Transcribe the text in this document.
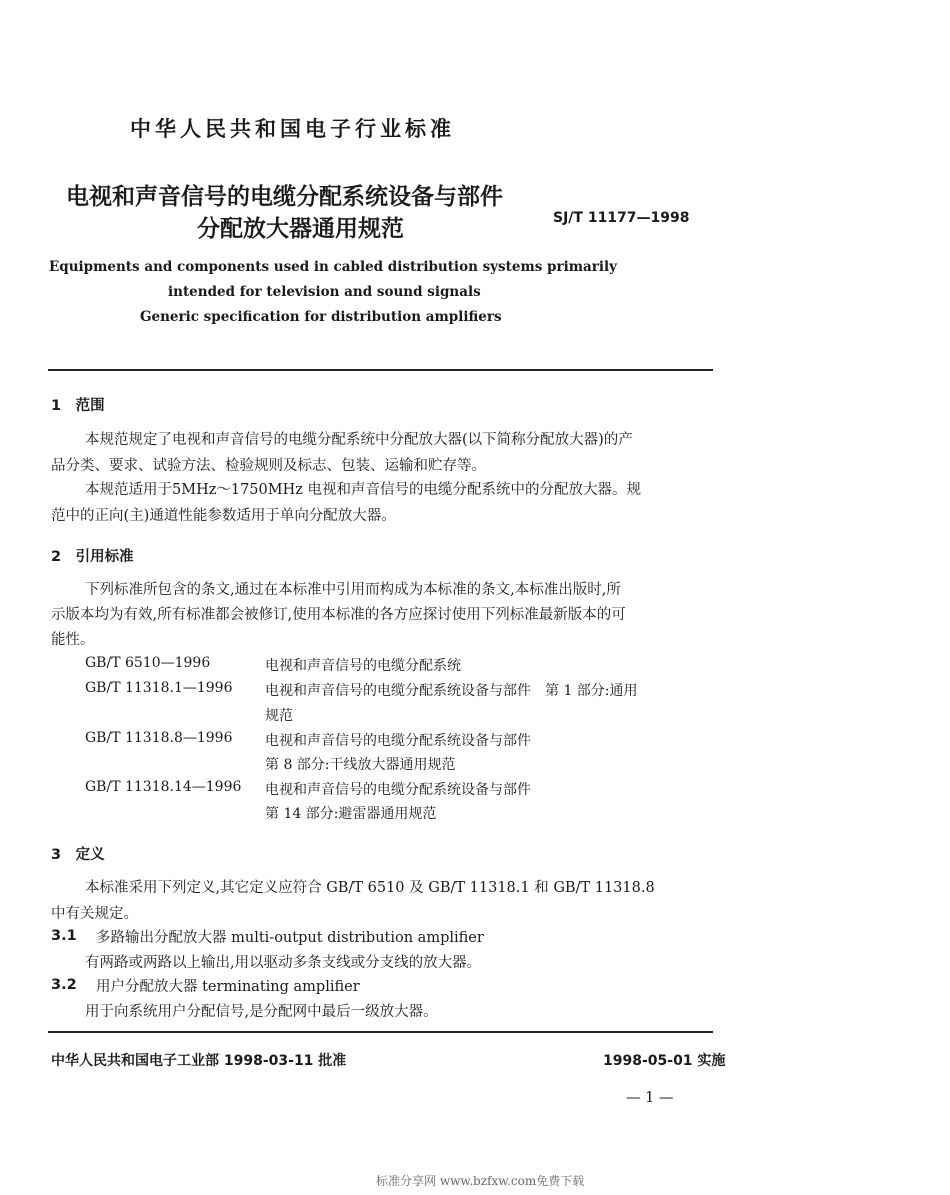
中华人民共和国电子行业标准
电视和声音信号的电缆分配系统设备与部件
分配放大器通用规范	SJ/T 11177—1998
Equipments and components used in cabled distribution systems primarily
intended for television and sound signals
Generic specification for distribution amplifiers
1　范围
本规范规定了电视和声音信号的电缆分配系统中分配放大器(以下简称分配放大器)的产
品分类、要求、试验方法、检验规则及标志、包装、运输和贮存等。
本规范适用于5MHz～1750MHz 电视和声音信号的电缆分配系统中的分配放大器。规
范中的正向(主)通道性能参数适用于单向分配放大器。
2　引用标准
下列标准所包含的条文,通过在本标准中引用而构成为本标准的条文,本标准出版时,所
示版本均为有效,所有标准都会被修订,使用本标准的各方应探讨使用下列标准最新版本的可
能性。
GB/T 6510—1996	电视和声音信号的电缆分配系统
GB/T 11318.1—1996 电视和声音信号的电缆分配系统设备与部件　第 1 部分:通用
规范
GB/T 11318.8—1996 电视和声音信号的电缆分配系统设备与部件
第 8 部分:干线放大器通用规范
GB/T 11318.14—1996 电视和声音信号的电缆分配系统设备与部件
第 14 部分:避雷器通用规范
3　定义
本标准采用下列定义,其它定义应符合 GB/T 6510 及 GB/T 11318.1 和 GB/T 11318.8
中有关规定。
3.1 多路输出分配放大器 multi-output distribution amplifier
有两路或两路以上输出,用以驱动多条支线或分支线的放大器。
3.2 用户分配放大器 terminating amplifier
用于向系统用户分配信号,是分配网中最后一级放大器。
中华人民共和国电子工业部 1998-03-11 批准	1998-05-01 实施
— 1 —
标准分享网 www.bzfxw.com免费下载
